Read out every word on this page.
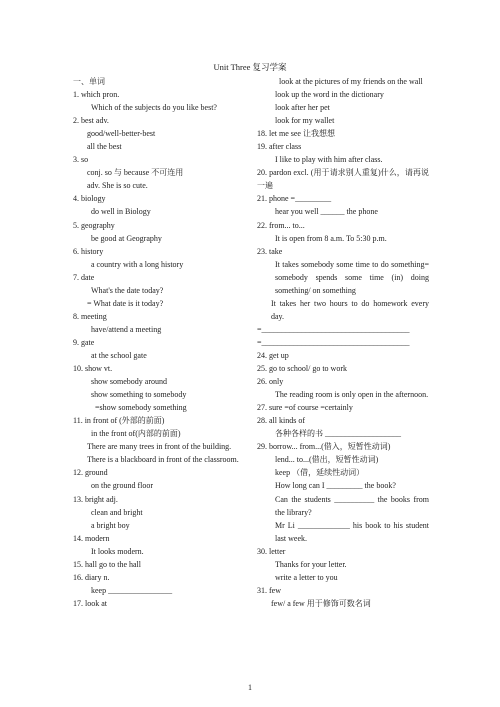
Unit Three 复习学案
一、单词
1. which pron.
Which of the subjects do you like best?
2. best adv.
good/well-better-best
all the best
3. so
conj. so 与 because 不可连用
adv. She is so cute.
4. biology
do well in Biology
5. geography
be good at Geography
6. history
a country with a long history
7. date
What's the date today?
= What date is it today?
8. meeting
have/attend a meeting
9. gate
at the school gate
10. show vt.
show somebody around
show something to somebody
=show somebody something
11. in front of (外部的前面)
in the front of(内部的前面)
There are many trees in front of the building.
There is a blackboard in front of the classroom.
12. ground
on the ground floor
13. bright adj.
clean and bright
a bright boy
14. modern
It looks modern.
15. hall go to the hall
16. diary n.
keep ________________
17. look at
look at the pictures of my friends on the wall
look up the word in the dictionary
look after her pet
look for my wallet
18. let me see 让我想想
19. after class
I like to play with him after class.
20. pardon excl. (用于请求别人重复)什么，请再说一遍
21. phone =_________
hear you well ______ the phone
22. from... to...
It is open from 8 a.m. To 5:30 p.m.
23. take
It takes somebody some time to do something= somebody spends some time (in) doing something/ on something
It takes her two hours to do homework every day.
=_____________________________________
=_____________________________________
24. get up
25. go to school/ go to work
26. only
The reading room is only open in the afternoon.
27. sure =of course =certainly
28. all kinds of
各种各样的书 ___________________
29. borrow... from...(借入，短暂性动词)
lend... to...(借出，短暂性动词)
keep （借，延续性动词）
How long can I _________ the book?
Can the students __________ the books from the library?
Mr Li _____________ his book to his student last week.
30. letter
Thanks for your letter.
write a letter to you
31. few
few/ a few 用于修饰可数名词
1
